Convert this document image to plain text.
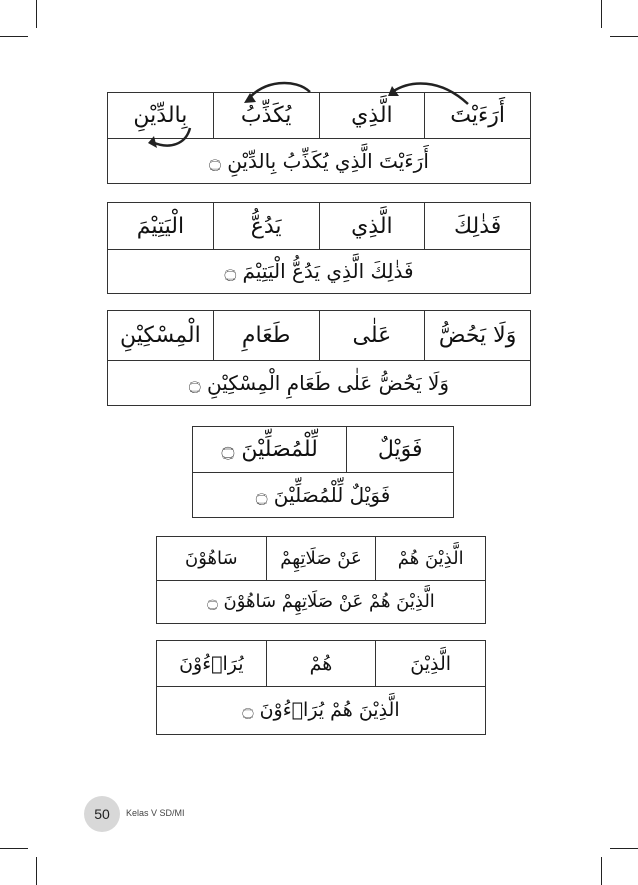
أَرَءَيْتَ
الَّذِي
يُكَذِّبُ
بِالدِّيْنِ
أَرَءَيْتَ الَّذِي يُكَذِّبُ بِالدِّيْنِ ۝
فَذٰلِكَ
الَّذِي
يَدُعُّ
الْيَتِيْمَ
فَذٰلِكَ الَّذِي يَدُعُّ الْيَتِيْمَ ۝
وَلَا يَحُضُّ
عَلٰى
طَعَامِ
الْمِسْكِيْنِ
وَلَا يَحُضُّ عَلٰى طَعَامِ الْمِسْكِيْنِ ۝
فَوَيْلٌ
لِّلْمُصَلِّيْنَ ۝
فَوَيْلٌ لِّلْمُصَلِّيْنَ ۝
الَّذِيْنَ هُمْ
عَنْ صَلَاتِهِمْ
سَاهُوْنَ
الَّذِيْنَ هُمْ عَنْ صَلَاتِهِمْ سَاهُوْنَ ۝
الَّذِيْنَ
هُمْ
يُرَاۤءُوْنَ
الَّذِيْنَ هُمْ يُرَاۤءُوْنَ ۝
50	Kelas V SD/MI
